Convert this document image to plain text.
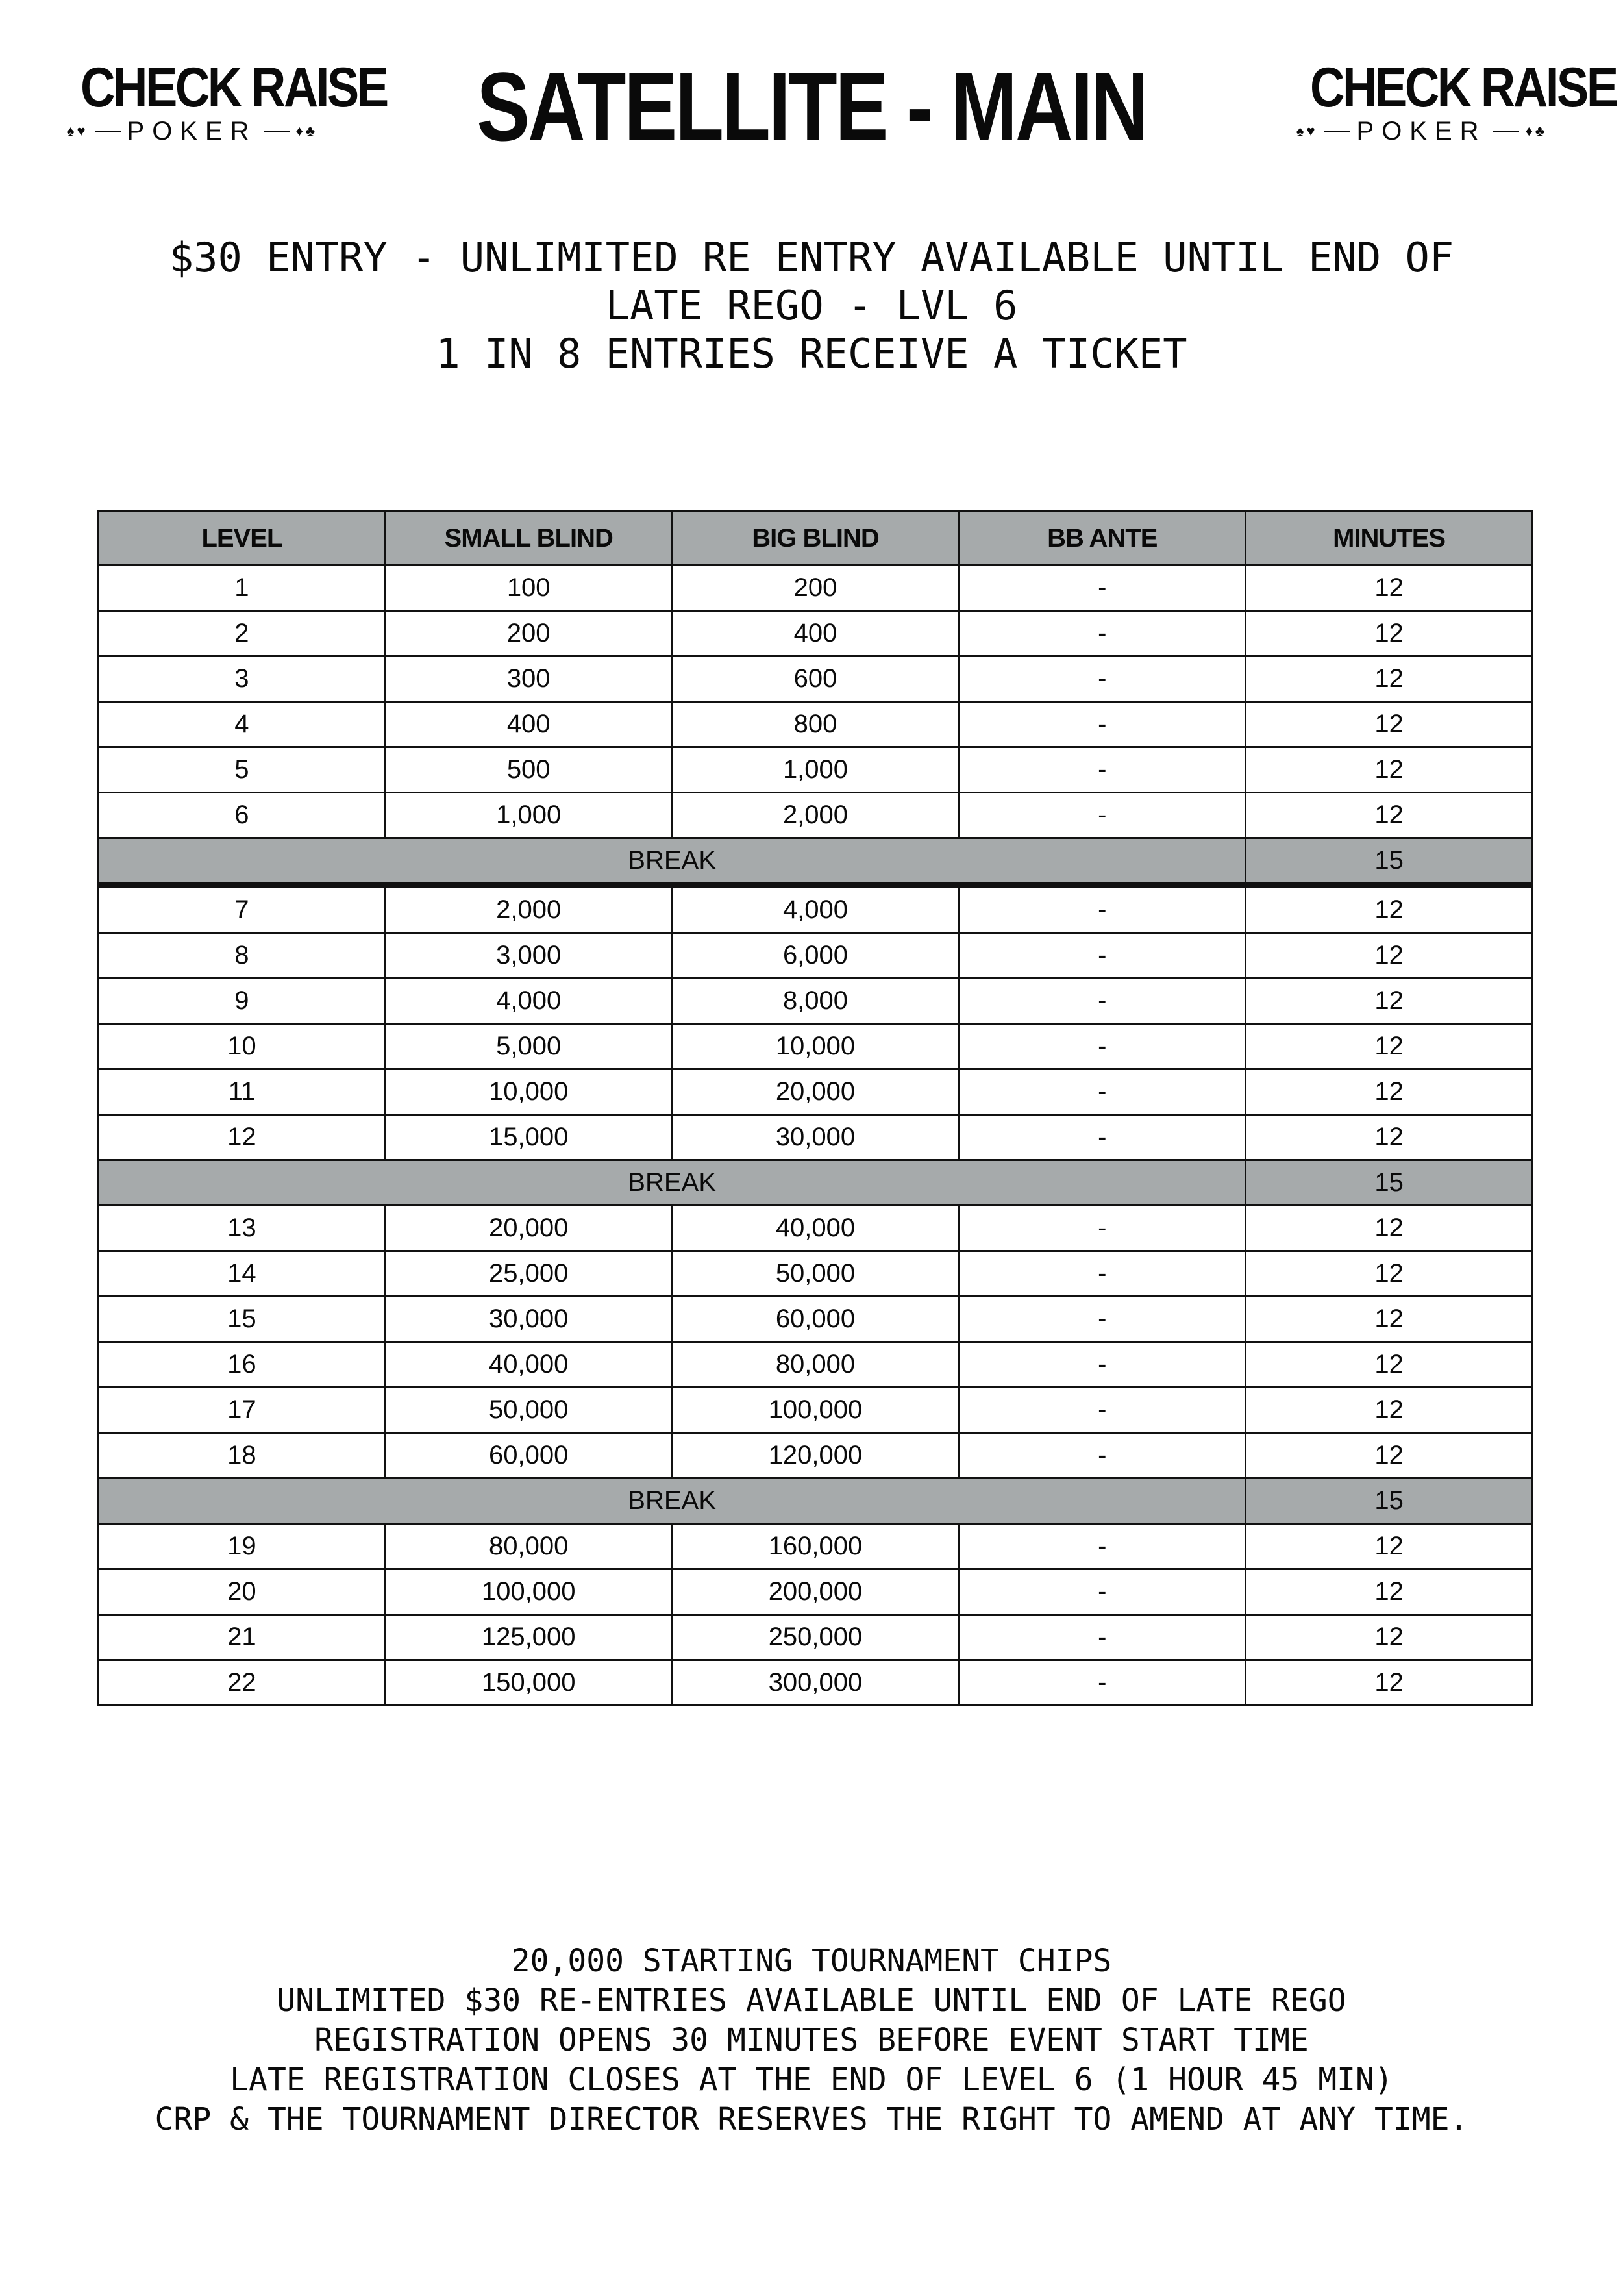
CHECK RAISE
♠♥ POKER	♦♣	SATELLITE - MAIN	CHECK RAISE
♠♥ POKER	♦♣
$30 ENTRY - UNLIMITED RE ENTRY AVAILABLE UNTIL END OF
LATE REGO - LVL 6
1 IN 8 ENTRIES RECEIVE A TICKET
LEVEL	SMALL BLIND	BIG BLIND	BB ANTE	MINUTES
1	100	200	-	12
2	200	400	-	12
3	300	600	-	12
4	400	800	-	12
5	500	1,000	-	12
6	1,000	2,000	-	12
BREAK				15
7	2,000	4,000	-	12
8	3,000	6,000	-	12
9	4,000	8,000	-	12
10	5,000	10,000	-	12
11	10,000	20,000	-	12
12	15,000	30,000	-	12
BREAK				15
13	20,000	40,000	-	12
14	25,000	50,000	-	12
15	30,000	60,000	-	12
16	40,000	80,000	-	12
17	50,000	100,000	-	12
18	60,000	120,000	-	12
BREAK				15
19	80,000	160,000	-	12
20	100,000	200,000	-	12
21	125,000	250,000	-	12
22	150,000	300,000	-	12
20,000 STARTING TOURNAMENT CHIPS
UNLIMITED $30 RE-ENTRIES AVAILABLE UNTIL END OF LATE REGO
REGISTRATION OPENS 30 MINUTES BEFORE EVENT START TIME
LATE REGISTRATION CLOSES AT THE END OF LEVEL 6 (1 HOUR 45 MIN)
CRP & THE TOURNAMENT DIRECTOR RESERVES THE RIGHT TO AMEND AT ANY TIME.
